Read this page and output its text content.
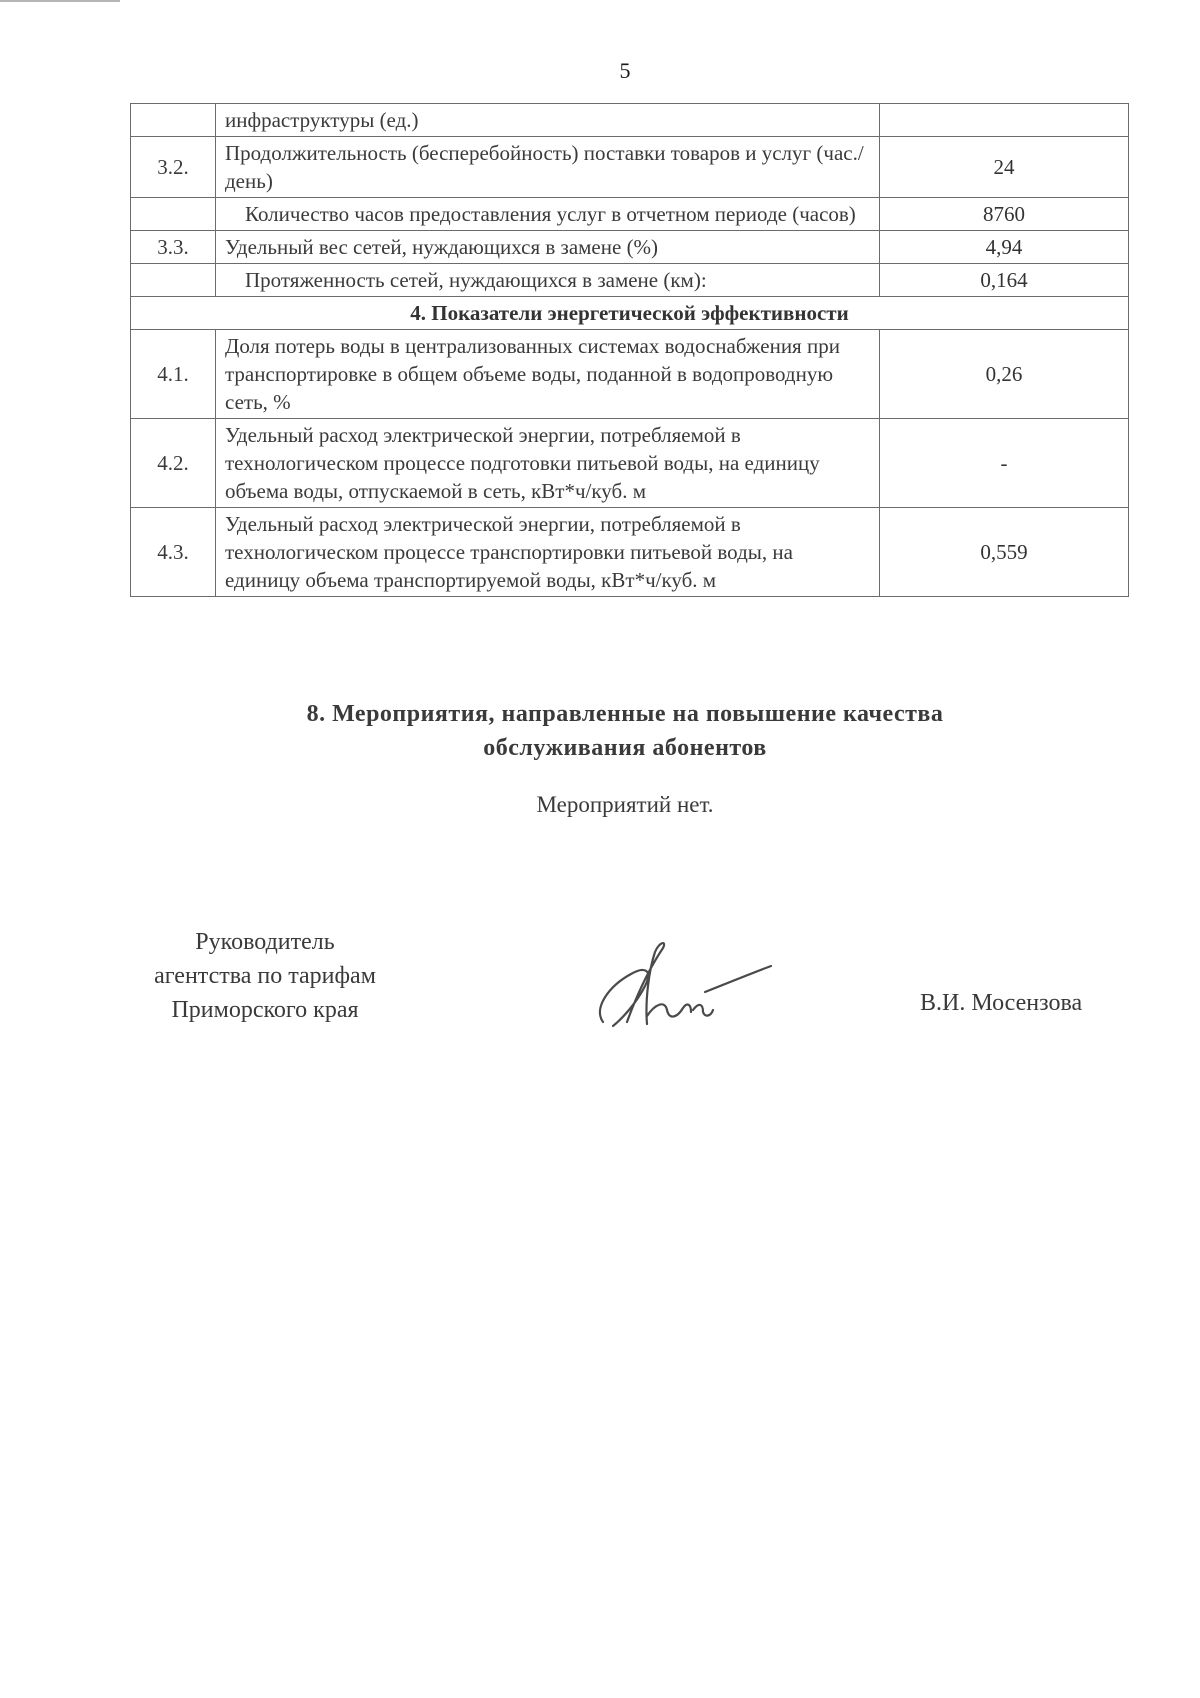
5
	инфраструктуры (ед.)	
3.2.	Продолжительность (бесперебойность) поставки товаров и услуг (час./день)	24
	Количество часов предоставления услуг в отчетном периоде (часов)	8760
3.3.	Удельный вес сетей, нуждающихся в замене (%)	4,94
	Протяженность сетей, нуждающихся в замене (км):	0,164
4. Показатели энергетической эффективности		
4.1.	Доля потерь воды в централизованных системах водоснабжения при транспортировке в общем объеме воды, поданной в водопроводную сеть, %	0,26
4.2.	Удельный расход электрической энергии, потребляемой в технологическом процессе подготовки питьевой воды, на единицу объема воды, отпускаемой в сеть, кВт*ч/куб. м	-
4.3.	Удельный расход электрической энергии, потребляемой в технологическом процессе транспортировки питьевой воды, на единицу объема транспортируемой воды, кВт*ч/куб. м	0,559
8. Мероприятия, направленные на повышение качества
обслуживания абонентов
Мероприятий нет.
Руководитель
агентства по тарифам
Приморского края	В.И. Мосензова
